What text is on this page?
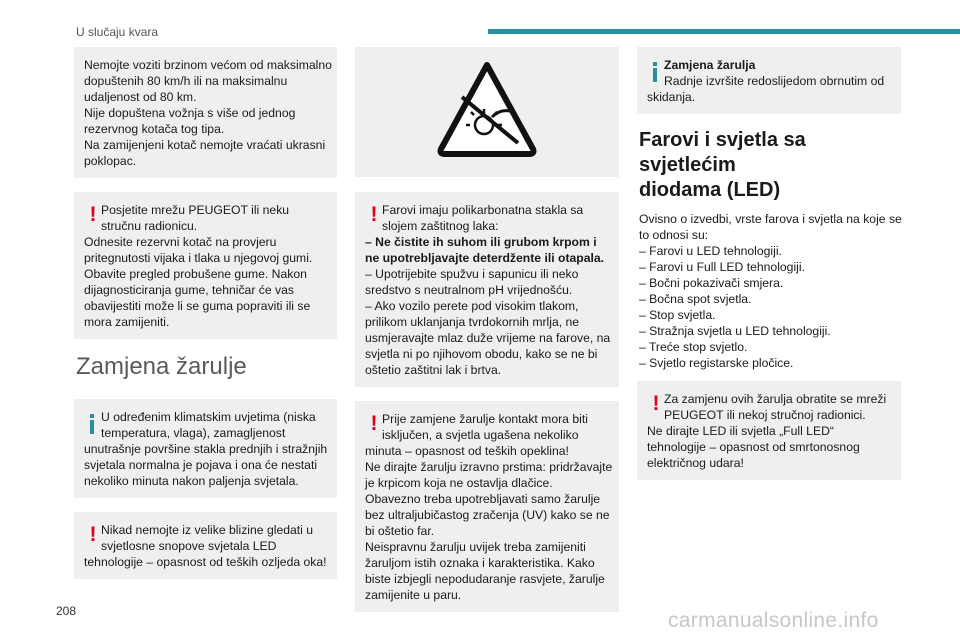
U slučaju kvara
Nemojte voziti brzinom većom od maksimalno
dopuštenih 80 km/h ili na maksimalnu
udaljenost od 80 km.
Nije dopuštena vožnja s više od jednog
rezervnog kotača tog tipa.
Na zamijenjeni kotač nemojte vraćati ukrasni
poklopac.
! Posjetite mrežu PEUGEOT ili neku
stručnu radionicu.
Odnesite rezervni kotač na provjeru
pritegnutosti vijaka i tlaka u njegovoj gumi.
Obavite pregled probušene gume. Nakon
dijagnosticiranja gume, tehničar će vas
obavijestiti može li se guma popraviti ili se
mora zamijeniti.
Zamjena žarulje
U određenim klimatskim uvjetima (niska
temperatura, vlaga), zamagljenost
unutrašnje površine stakla prednjih i stražnjih
svjetala normalna je pojava i ona će nestati
nekoliko minuta nakon paljenja svjetala.
! Nikad nemojte iz velike blizine gledati u
svjetlosne snopove svjetala LED
tehnologije – opasnost od teških ozljeda oka!
! Farovi imaju polikarbonatna stakla sa
slojem zaštitnog laka:
– Ne čistite ih suhom ili grubom krpom i
ne upotrebljavajte deterdžente ili otapala.
– Upotrijebite spužvu i sapunicu ili neko
sredstvo s neutralnom pH vrijednošću.
– Ako vozilo perete pod visokim tlakom,
prilikom uklanjanja tvrdokornih mrlja, ne
usmjeravajte mlaz duže vrijeme na farove, na
svjetla ni po njihovom obodu, kako se ne bi
oštetio zaštitni lak i brtva.
! Prije zamjene žarulje kontakt mora biti
isključen, a svjetla ugašena nekoliko
minuta – opasnost od teških opeklina!
Ne dirajte žarulju izravno prstima: pridržavajte
je krpicom koja ne ostavlja dlačice.
Obavezno treba upotrebljavati samo žarulje
bez ultraljubičastog zračenja (UV) kako se ne
bi oštetio far.
Neispravnu žarulju uvijek treba zamijeniti
žaruljom istih oznaka i karakteristika. Kako
biste izbjegli nepodudaranje rasvjete, žarulje
zamijenite u paru.
Zamjena žarulja
Radnje izvršite redoslijedom obrnutim od
skidanja.
Farovi i svjetla sa svjetlećim
diodama (LED)
Ovisno o izvedbi, vrste farova i svjetla na koje se
to odnosi su:
– Farovi u LED tehnologiji.
– Farovi u Full LED tehnologiji.
– Bočni pokazivači smjera.
– Bočna spot svjetla.
– Stop svjetla.
– Stražnja svjetla u LED tehnologiji.
– Treće stop svjetlo.
– Svjetlo registarske pločice.
! Za zamjenu ovih žarulja obratite se mreži
PEUGEOT ili nekoj stručnoj radionici.
Ne dirajte LED ili svjetla „Full LED“
tehnologije – opasnost od smrtonosnog
električnog udara!
208	carmanualsonline.info
